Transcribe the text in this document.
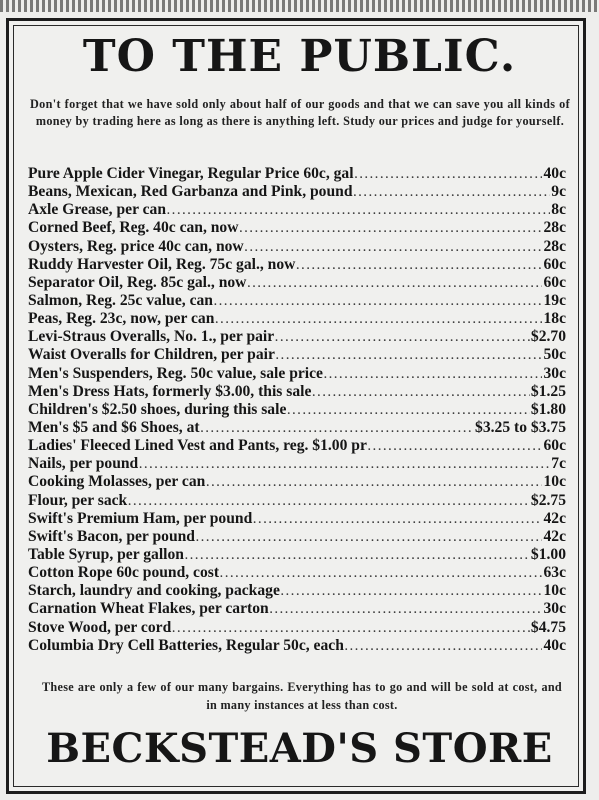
TO THE PUBLIC.

Don't forget that we have sold only about half of our goods and that we can save you all kinds of money by trading here as long as there is anything left. Study our prices and judge for yourself.

Pure Apple Cider Vinegar, Regular Price 60c, gal .....	40c
Beans, Mexican, Red Garbanza and Pink, pound .....	9c
Axle Grease, per can .....	8c
Corned Beef, Reg. 40c can, now .....	28c
Oysters, Reg. price 40c can, now .....	28c
Ruddy Harvester Oil, Reg. 75c gal., now .....	60c
Separator Oil, Reg. 85c gal., now .....	60c
Salmon, Reg. 25c value, can .....	19c
Peas, Reg. 23c, now, per can .....	18c
Levi-Straus Overalls, No. 1., per pair .....	$2.70
Waist Overalls for Children, per pair .....	50c
Men's Suspenders, Reg. 50c value, sale price .....	30c
Men's Dress Hats, formerly $3.00, this sale .....	$1.25
Children's $2.50 shoes, during this sale .....	$1.80
Men's $5 and $6 Shoes, at .....	$3.25 to $3.75
Ladies' Fleeced Lined Vest and Pants, reg. $1.00 pr .....	60c
Nails, per pound .....	7c
Cooking Molasses, per can .....	10c
Flour, per sack .....	$2.75
Swift's Premium Ham, per pound .....	42c
Swift's Bacon, per pound .....	42c
Table Syrup, per gallon .....	$1.00
Cotton Rope 60c pound, cost .....	63c
Starch, laundry and cooking, package .....	10c
Carnation Wheat Flakes, per carton .....	30c
Stove Wood, per cord .....	$4.75
Columbia Dry Cell Batteries, Regular 50c, each .....	40c

These are only a few of our many bargains. Everything has to go and will be sold at cost, and in many instances at less than cost.

BECKSTEAD'S STORE
